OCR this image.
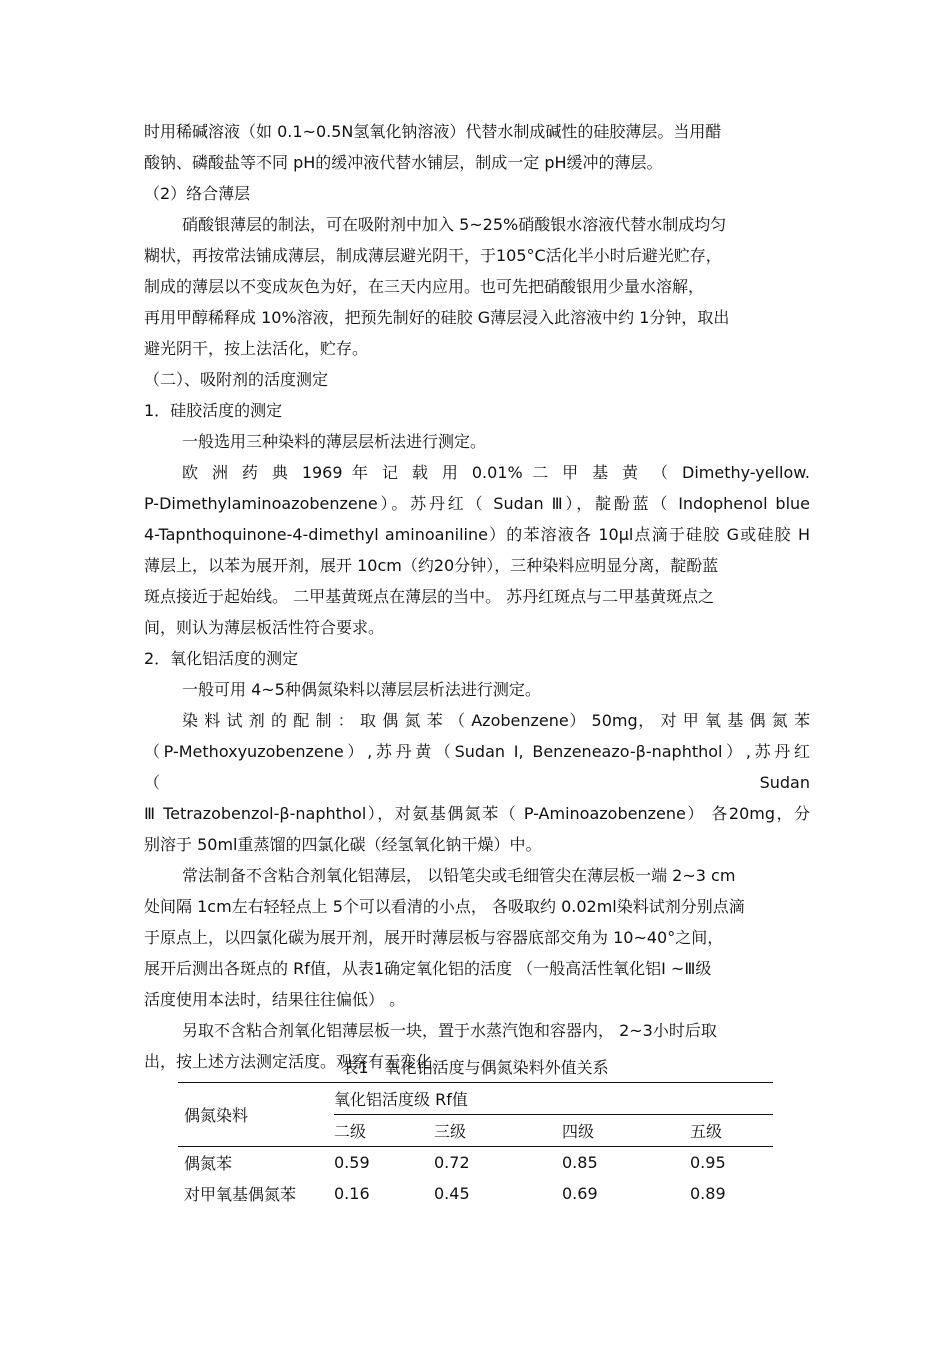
时用稀碱溶液（如 0.1~0.5N氢氧化钠溶液）代替水制成碱性的硅胶薄层。当用醋
酸钠、磷酸盐等不同 pH的缓冲液代替水铺层，制成一定 pH缓冲的薄层。
（2）络合薄层
硝酸银薄层的制法，可在吸附剂中加入 5~25%硝酸银水溶液代替水制成均匀
糊状，再按常法铺成薄层，制成薄层避光阴干，于105°C活化半小时后避光贮存，
制成的薄层以不变成灰色为好，在三天内应用。也可先把硝酸银用少量水溶解，
再用甲醇稀释成 10%溶液，把预先制好的硅胶 G薄层浸入此溶液中约 1分钟，取出
避光阴干，按上法活化，贮存。
（二）、吸附剂的活度测定
1．硅胶活度的测定
一般选用三种染料的薄层层析法进行测定。
欧 洲 药 典 1969 年 记 载 用 0.01% 二 甲 基 黄 （ Dimethy-yellow.
P-Dimethylaminoazobenzene）。苏丹红（ Sudan Ⅲ），靛酚蓝（ Indophenol blue
4-Tapnthoquinone-4-dimethyl aminoaniline）的苯溶液各 10μl点滴于硅胶 G或硅胶 H
薄层上，以苯为展开剂，展开 10cm（约20分钟），三种染料应明显分离，靛酚蓝
斑点接近于起始线。 二甲基黄斑点在薄层的当中。 苏丹红斑点与二甲基黄斑点之
间，则认为薄层板活性符合要求。
2．氧化铝活度的测定
一般可用 4~5种偶氮染料以薄层层析法进行测定。
染 料 试 剂 的 配 制 ： 取 偶 氮 苯 （ Azobenzene） 50mg， 对 甲 氧 基 偶 氮 苯
（P-Methoxyuzobenzene）,苏丹黄（Sudan I, Benzeneazo-β-naphthol）,苏丹红（Sudan
Ⅲ Tetrazobenzol-β-naphthol），对氨基偶氮苯（ P-Aminoazobenzene） 各20mg，分
别溶于 50ml重蒸馏的四氯化碳（经氢氧化钠干燥）中。
常法制备不含粘合剂氧化铝薄层， 以铅笔尖或毛细管尖在薄层板一端 2~3 cm
处间隔 1cm左右轻轻点上 5个可以看清的小点， 各吸取约 0.02ml染料试剂分别点滴
于原点上，以四氯化碳为展开剂，展开时薄层板与容器底部交角为 10~40°之间，
展开后测出各斑点的 Rf值，从表1确定氧化铝的活度 （一般高活性氧化铝Ⅰ ~Ⅲ级
活度使用本法时，结果往往偏低） 。
另取不含粘合剂氧化铝薄层板一块，置于水蒸汽饱和容器内， 2~3小时后取
出，按上述方法测定活度。观察有无变化。
表1　氧化铝活度与偶氮染料外值关系
偶氮染料	氧化铝活度级 Rf值			
	二级	三级	四级	五级
偶氮苯	0.59	0.72	0.85	0.95
对甲氧基偶氮苯	0.16	0.45	0.69	0.89
